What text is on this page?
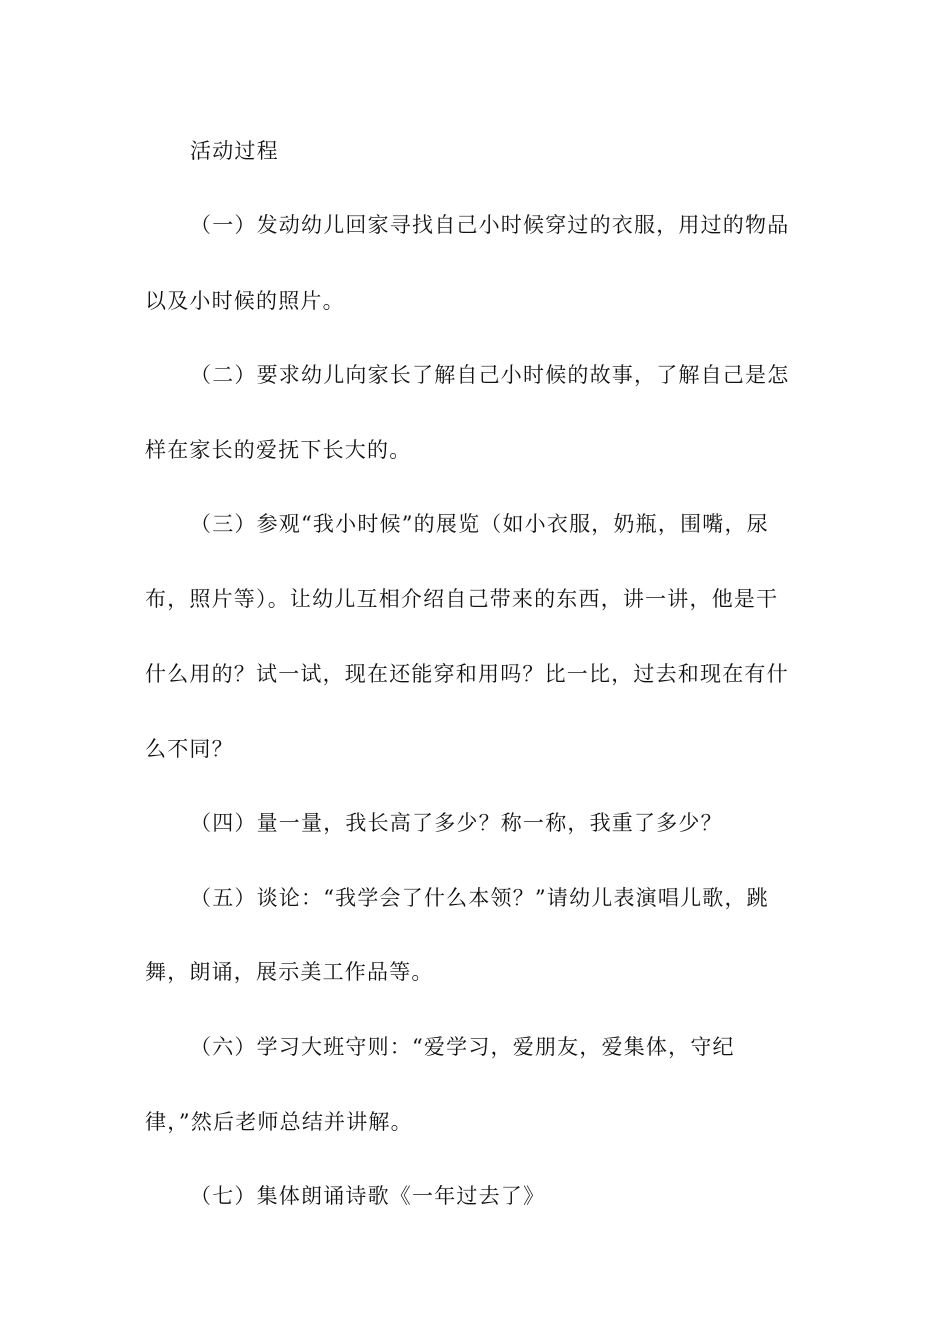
活动过程
（一）发动幼儿回家寻找自己小时候穿过的衣服，用过的物品
以及小时候的照片。
（二）要求幼儿向家长了解自己小时候的故事，了解自己是怎
样在家长的爱抚下长大的。
（三）参观“我小时候”的展览（如小衣服，奶瓶，围嘴，尿
布，照片等）。让幼儿互相介绍自己带来的东西，讲一讲，他是干
什么用的？试一试，现在还能穿和用吗？比一比，过去和现在有什
么不同？
（四）量一量，我长高了多少？称一称，我重了多少？
（五）谈论：“我学会了什么本领？”请幼儿表演唱儿歌，跳
舞，朗诵，展示美工作品等。
（六）学习大班守则：“爱学习，爱朋友，爱集体，守纪
律，”然后老师总结并讲解。
（七）集体朗诵诗歌《一年过去了》
